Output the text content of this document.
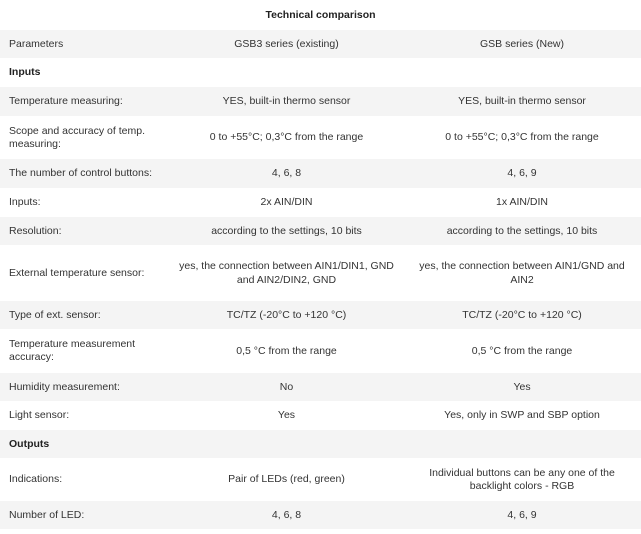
Technical comparison		
Parameters	GSB3 series (existing)	GSB series (New)
Inputs		
Temperature measuring:	YES, built-in thermo sensor	YES, built-in thermo sensor
Scope and accuracy of temp. measuring:	0 to +55°C; 0,3°C from the range	0 to +55°C; 0,3°C from the range
The number of control buttons:	4, 6, 8	4, 6, 9
Inputs:	2x AIN/DIN	1x AIN/DIN
Resolution:	according to the settings, 10 bits	according to the settings, 10 bits
External temperature sensor:	yes, the connection between AIN1/DIN1, GND and AIN2/DIN2, GND	yes, the connection between AIN1/GND and AIN2
Type of ext. sensor:	TC/TZ (-20°C to +120 °C)	TC/TZ (-20°C to +120 °C)
Temperature measurement accuracy:	0,5 °C from the range	0,5 °C from the range
Humidity measurement:	No	Yes
Light sensor:	Yes	Yes, only in SWP and SBP option
Outputs		
Indications:	Pair of LEDs (red, green)	Individual buttons can be any one of the backlight colors - RGB
Number of LED:	4, 6, 8	4, 6, 9
